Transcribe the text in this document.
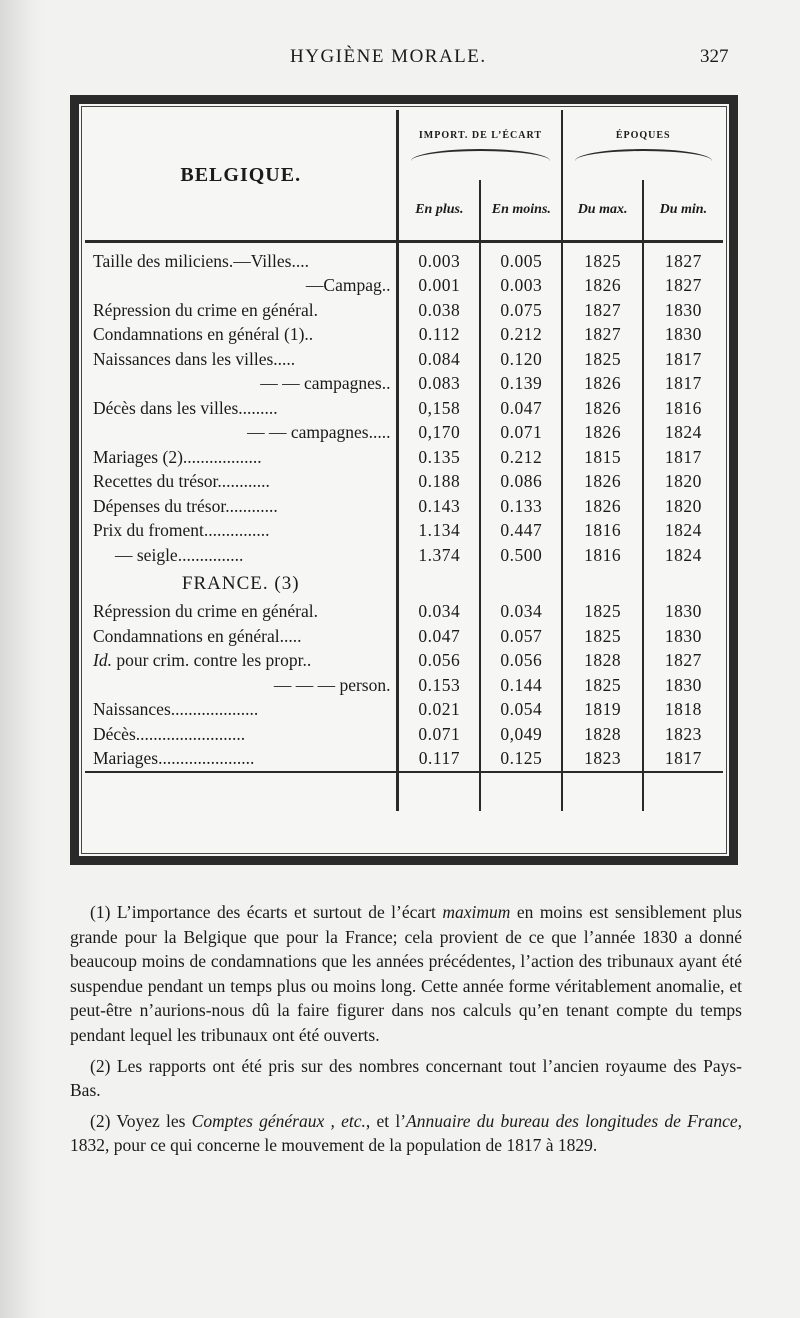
HYGIÈNE MORALE.	327
BELGIQUE.	IMPORT. DE L’ÉCART		ÉPOQUES	

	En plus.	En moins.	Du max.	Du min.

Taille des miliciens.—Villes....	0.003	0.005	1825	1827
—Campag..	0.001	0.003	1826	1827
Répression du crime en général.	0.038	0.075	1827	1830
Condamnations en général (1)..	0.112	0.212	1827	1830
Naissances dans les villes.....	0.084	0.120	1825	1817
— — campagnes..	0.083	0.139	1826	1817
Décès dans les villes.........	0,158	0.047	1826	1816
— — campagnes.....	0,170	0.071	1826	1824
Mariages (2)..................	0.135	0.212	1815	1817
Recettes du trésor............	0.188	0.086	1826	1820
Dépenses du trésor............	0.143	0.133	1826	1820
Prix du froment...............	1.134	0.447	1816	1824
— seigle...............	1.374	0.500	1816	1824
FRANCE. (3)				
Répression du crime en général.	0.034	0.034	1825	1830
Condamnations en général.....	0.047	0.057	1825	1830
Id. pour crim. contre les propr..	0.056	0.056	1828	1827
— — — person.	0.153	0.144	1825	1830
Naissances....................	0.021	0.054	1819	1818
Décès.........................	0.071	0,049	1828	1823
Mariages......................	0.117	0.125	1823	1817

(1) L’importance des écarts et surtout de l’écart maximum en moins est sensiblement plus grande pour la Belgique que pour la France; cela provient de ce que l’année 1830 a donné beaucoup moins de condamnations que les années précédentes, l’action des tribunaux ayant été suspendue pendant un temps plus ou moins long. Cette année forme véritablement anomalie, et peut-être n’aurions-nous dû la faire figurer dans nos calculs qu’en tenant compte du temps pendant lequel les tribunaux ont été ouverts.

(2) Les rapports ont été pris sur des nombres concernant tout l’ancien royaume des Pays-Bas.

(2) Voyez les Comptes généraux , etc., et l’Annuaire du bureau des longitudes de France, 1832, pour ce qui concerne le mouvement de la population de 1817 à 1829.
